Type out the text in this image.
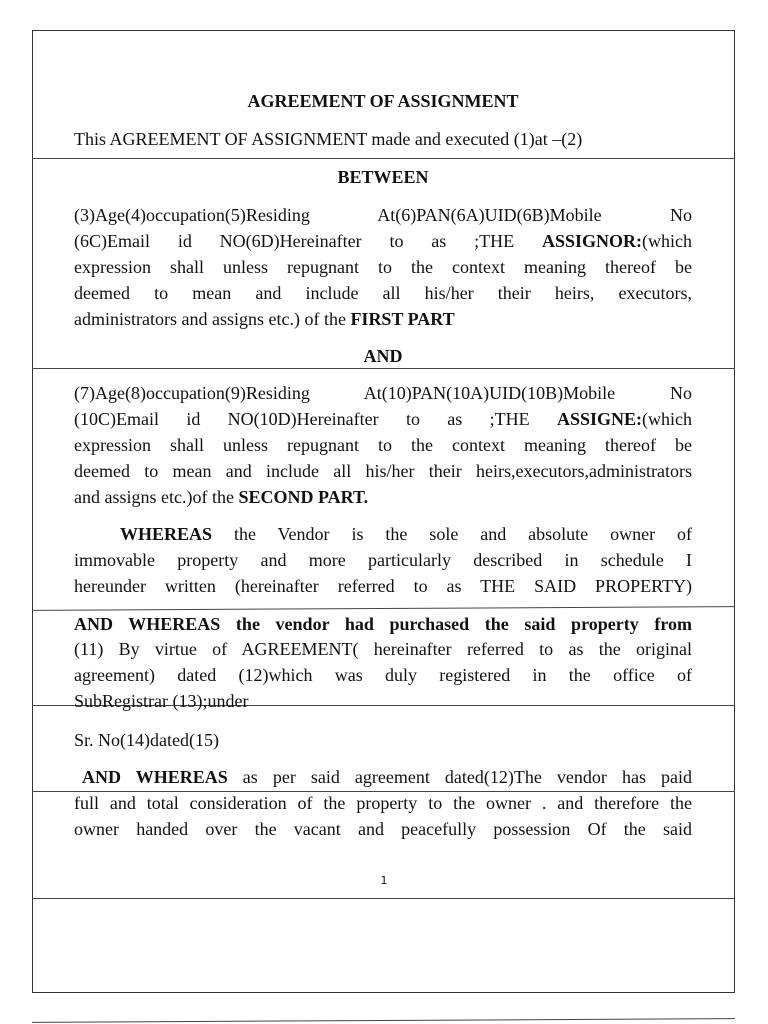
AGREEMENT OF ASSIGNMENT
This AGREEMENT OF ASSIGNMENT made and executed (1)at –(2)
BETWEEN
(3)Age(4)occupation(5)Residing At(6)PAN(6A)UID(6B)Mobile No
(6C)Email id NO(6D)Hereinafter to as ;THE ASSIGNOR:(which
expression shall unless repugnant to the context meaning thereof be
deemed to mean and include all his/her their heirs, executors,
administrators and assigns etc.) of the FIRST PART
AND
(7)Age(8)occupation(9)Residing At(10)PAN(10A)UID(10B)Mobile No
(10C)Email id NO(10D)Hereinafter to as ;THE ASSIGNE:(which
expression shall unless repugnant to the context meaning thereof be
deemed to mean and include all his/her their heirs,executors,administrators
and assigns etc.)of the SECOND PART.
WHEREAS the Vendor is the sole and absolute owner of
immovable property and more particularly described in schedule I
hereunder written (hereinafter referred to as THE SAID PROPERTY)
AND WHEREAS the vendor had purchased the said property from
(11) By virtue of AGREEMENT( hereinafter referred to as the original
agreement) dated (12)which was duly registered in the office of
SubRegistrar (13);under
Sr. No(14)dated(15)
AND WHEREAS as per said agreement dated(12)The vendor has paid
full and total consideration of the property to the owner . and therefore the
owner handed over the vacant and peacefully possession Of the said
1
